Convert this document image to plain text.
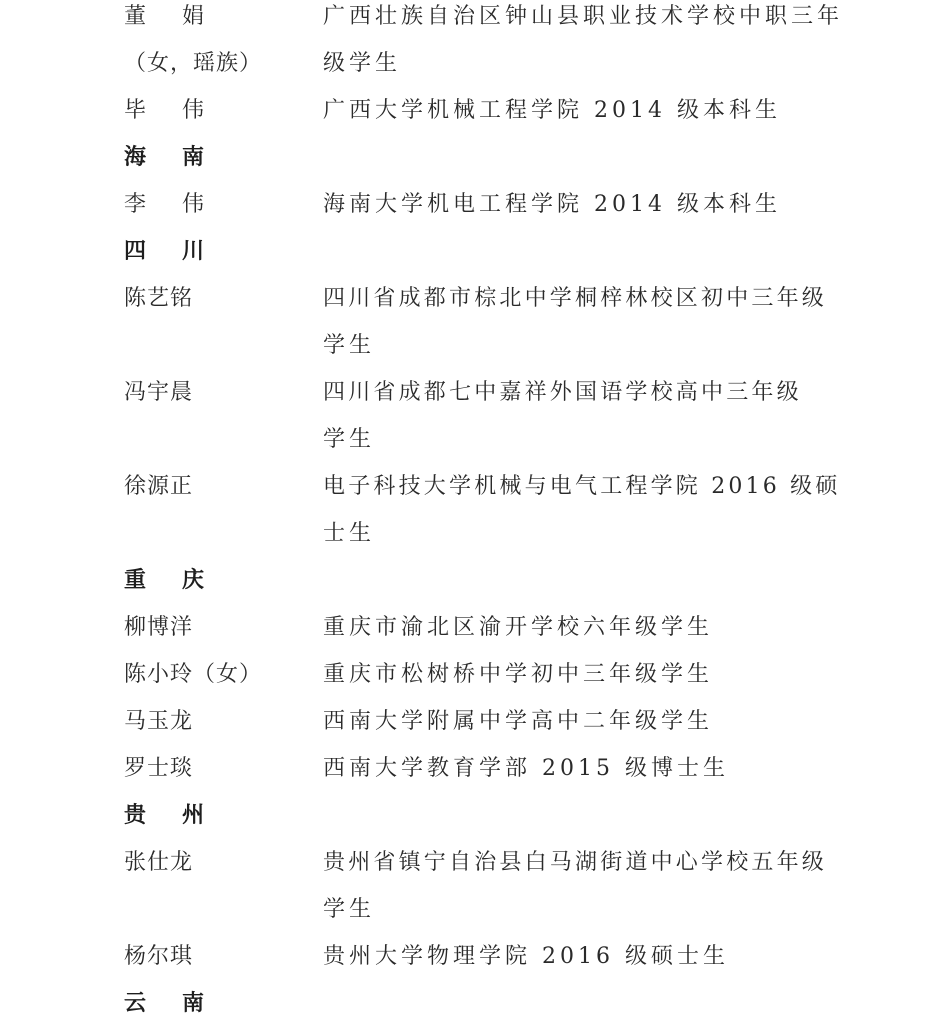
董娟	广西壮族自治区钟山县职业技术学校中职三年
（女，瑶族）	级学生
毕伟	广西大学机械工程学院 2014 级本科生
海南
李伟	海南大学机电工程学院 2014 级本科生
四川
陈艺铭	四川省成都市棕北中学桐梓林校区初中三年级
学生
冯宇晨	四川省成都七中嘉祥外国语学校高中三年级
学生
徐源正	电子科技大学机械与电气工程学院 2016 级硕
士生
重庆
柳博洋	重庆市渝北区渝开学校六年级学生
陈小玲（女）	重庆市松树桥中学初中三年级学生
马玉龙	西南大学附属中学高中二年级学生
罗士琰	西南大学教育学部 2015 级博士生
贵州
张仕龙	贵州省镇宁自治县白马湖街道中心学校五年级
学生
杨尔琪	贵州大学物理学院 2016 级硕士生
云南
